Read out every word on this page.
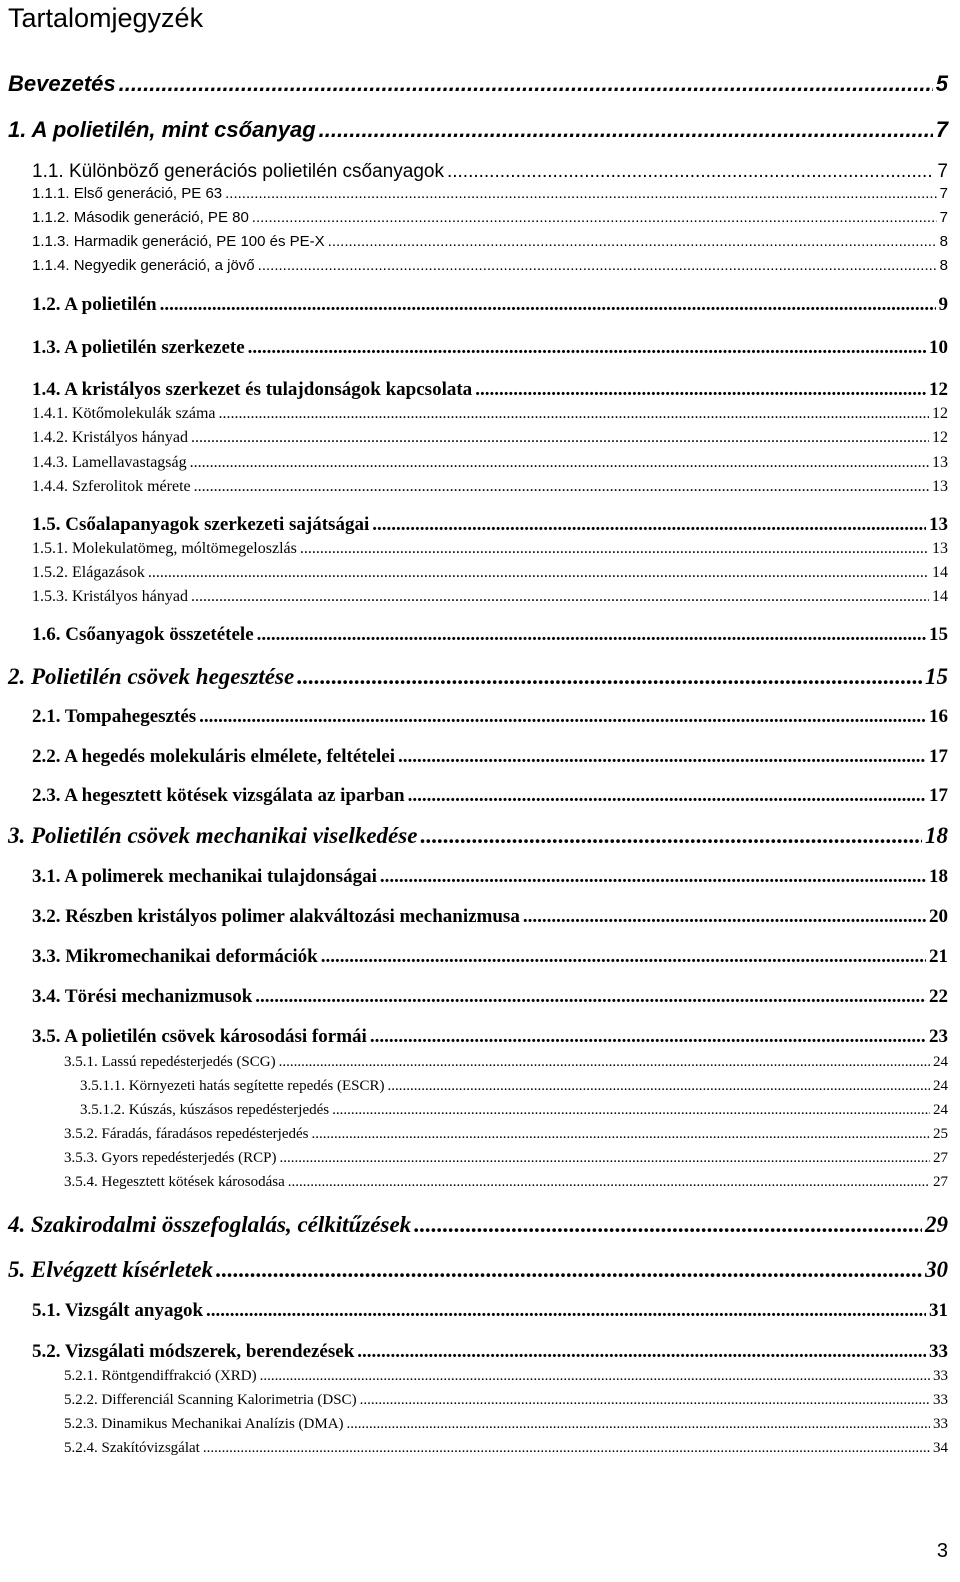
Tartalomjegyzék
Bevezetés .....	5
1. A polietilén, mint csőanyag .....	7
1.1. Különböző generációs polietilén csőanyagok .....	7
1.1.1. Első generáció, PE 63 .....	7
1.1.2. Második generáció, PE 80 .....	7
1.1.3. Harmadik generáció, PE 100 és PE-X .....	8
1.1.4. Negyedik generáció, a jövő .....	8
1.2. A polietilén .....	9
1.3. A polietilén szerkezete .....	10
1.4. A kristályos szerkezet és tulajdonságok kapcsolata .....	12
1.4.1. Kötőmolekulák száma .....	12
1.4.2. Kristályos hányad .....	12
1.4.3. Lamellavastagság .....	13
1.4.4. Szferolitok mérete .....	13
1.5. Csőalapanyagok szerkezeti sajátságai .....	13
1.5.1. Molekulatömeg, móltömegeloszlás .....	13
1.5.2. Elágazások .....	14
1.5.3. Kristályos hányad .....	14
1.6. Csőanyagok összetétele .....	15
2. Polietilén csövek hegesztése .....	15
2.1. Tompahegesztés .....	16
2.2. A hegedés molekuláris elmélete, feltételei .....	17
2.3. A hegesztett kötések vizsgálata az iparban .....	17
3. Polietilén csövek mechanikai viselkedése .....	18
3.1. A polimerek mechanikai tulajdonságai .....	18
3.2. Részben kristályos polimer alakváltozási mechanizmusa .....	20
3.3. Mikromechanikai deformációk .....	21
3.4. Törési mechanizmusok .....	22
3.5. A polietilén csövek károsodási formái .....	23
3.5.1. Lassú repedésterjedés (SCG) .....	24
3.5.1.1. Környezeti hatás segítette repedés (ESCR) .....	24
3.5.1.2. Kúszás, kúszásos repedésterjedés .....	24
3.5.2. Fáradás, fáradásos repedésterjedés .....	25
3.5.3. Gyors repedésterjedés (RCP) .....	27
3.5.4. Hegesztett kötések károsodása .....	27
4. Szakirodalmi összefoglalás, célkitűzések .....	29
5. Elvégzett kísérletek .....	30
5.1. Vizsgált anyagok .....	31
5.2. Vizsgálati módszerek, berendezések .....	33
5.2.1. Röntgendiffrakció (XRD) .....	33
5.2.2. Differenciál Scanning Kalorimetria (DSC) .....	33
5.2.3. Dinamikus Mechanikai Analízis (DMA) .....	33
5.2.4. Szakítóvizsgálat .....	34
3
